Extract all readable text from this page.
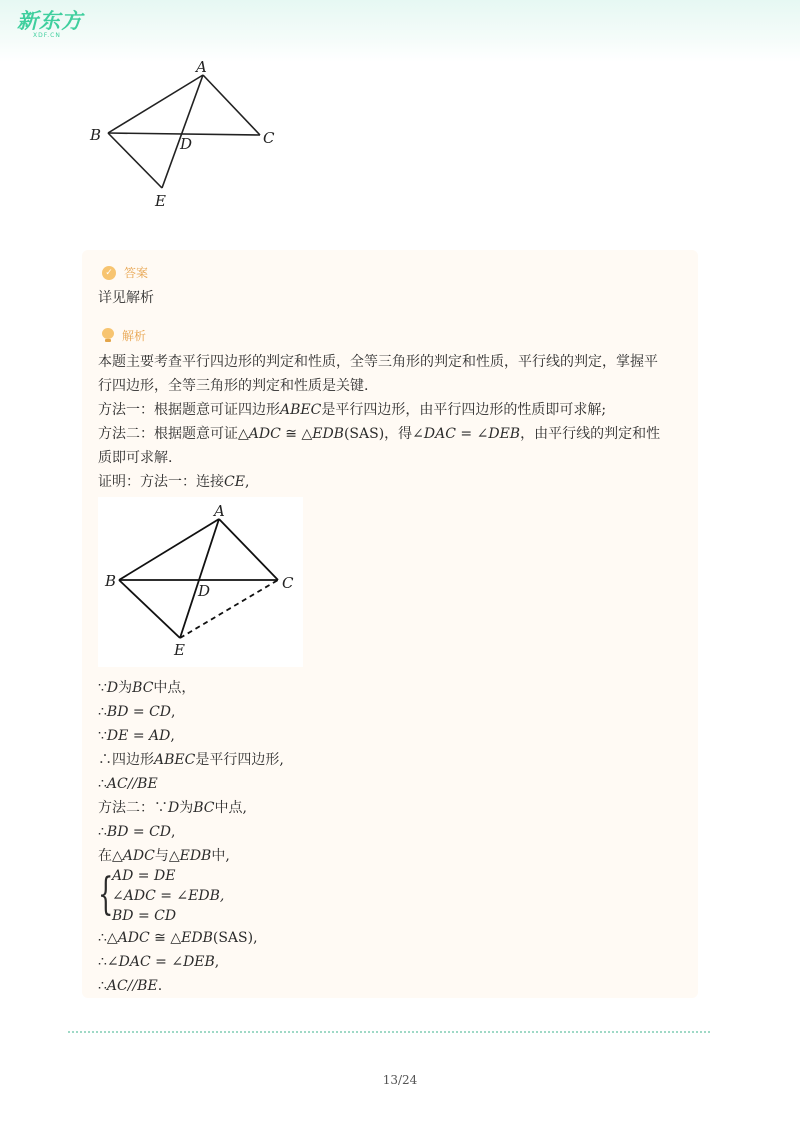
新东方
XDF.CN
A
B	C
D
E
✓ 答案
详见解析
解析
本题主要考查平行四边形的判定和性质，全等三角形的判定和性质，平行线的判定，掌握平
行四边形，全等三角形的判定和性质是关键.
方法一：根据题意可证四边形ABEC是平行四边形，由平行四边形的性质即可求解;
方法二：根据题意可证△ADC ≅ △EDB(SAS)，得∠DAC = ∠DEB，由平行线的判定和性
质即可求解.
证明：方法一：连接CE,
A
B	C
D
E
∵D为BC中点，
∴BD = CD,
∵DE = AD,
∴四边形ABEC是平行四边形,
∴AC//BE
方法二：∵D为BC中点,
∴BD = CD,
在△ADC与△EDB中,
{
AD = DE
∠ADC = ∠EDB,
BD = CD
∴△ADC ≅ △EDB(SAS),
∴∠DAC = ∠DEB,
∴AC//BE.
13/24
